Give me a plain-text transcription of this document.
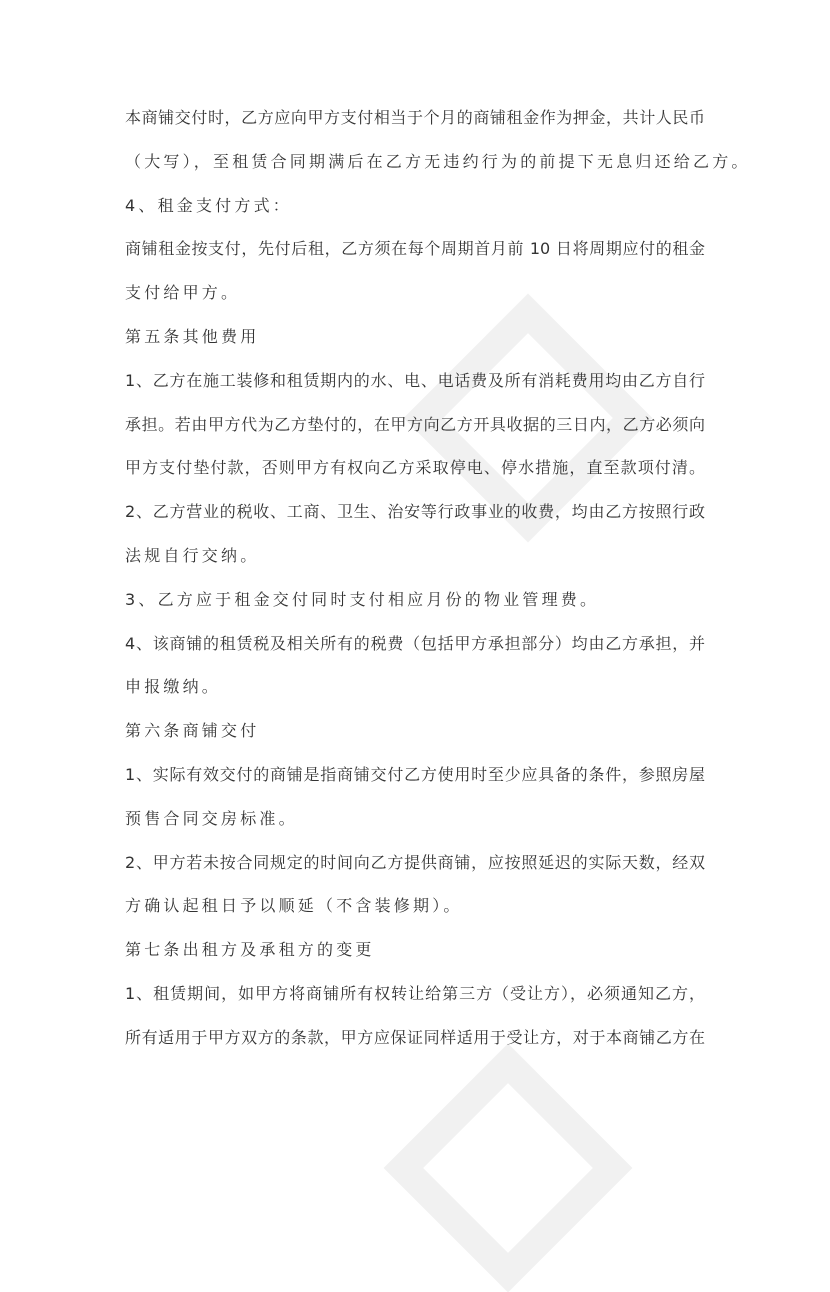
本商铺交付时，乙方应向甲方支付相当于个月的商铺租金作为押金，共计人民币
（大写），至租赁合同期满后在乙方无违约行为的前提下无息归还给乙方。
4、租金支付方式：
商铺租金按支付，先付后租，乙方须在每个周期首月前 10 日将周期应付的租金
支付给甲方。
第五条其他费用
1、乙方在施工装修和租赁期内的水、电、电话费及所有消耗费用均由乙方自行
承担。若由甲方代为乙方垫付的，在甲方向乙方开具收据的三日内，乙方必须向
甲方支付垫付款，否则甲方有权向乙方采取停电、停水措施，直至款项付清。
2、乙方营业的税收、工商、卫生、治安等行政事业的收费，均由乙方按照行政
法规自行交纳。
3、乙方应于租金交付同时支付相应月份的物业管理费。
4、该商铺的租赁税及相关所有的税费（包括甲方承担部分）均由乙方承担，并
申报缴纳。
第六条商铺交付
1、实际有效交付的商铺是指商铺交付乙方使用时至少应具备的条件，参照房屋
预售合同交房标准。
2、甲方若未按合同规定的时间向乙方提供商铺，应按照延迟的实际天数，经双
方确认起租日予以顺延（不含装修期）。
第七条出租方及承租方的变更
1、租赁期间，如甲方将商铺所有权转让给第三方（受让方），必须通知乙方，
所有适用于甲方双方的条款，甲方应保证同样适用于受让方，对于本商铺乙方在
